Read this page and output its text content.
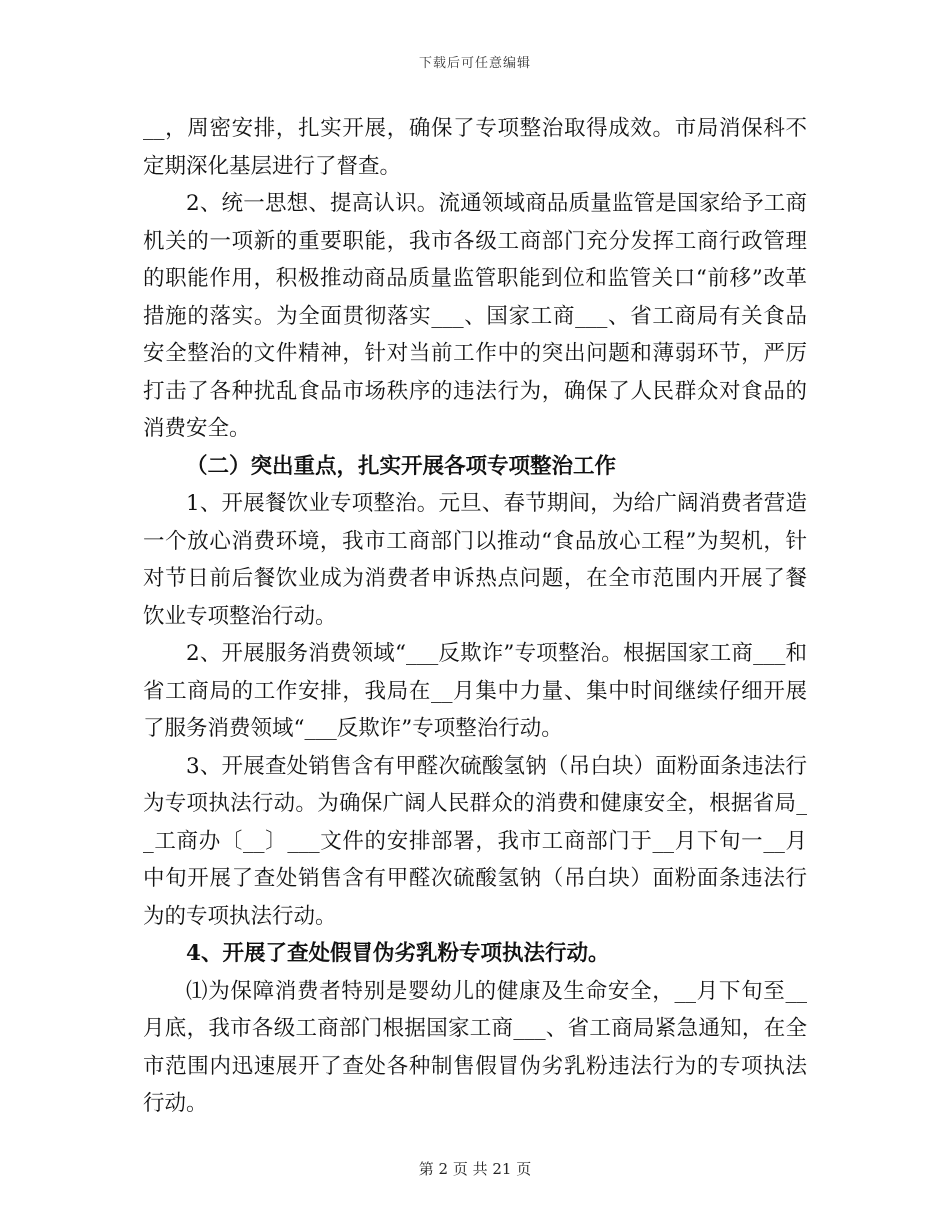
下载后可任意编辑

__，周密安排，扎实开展，确保了专项整治取得成效。市局消保科不定期深化基层进行了督查。

2、统一思想、提高认识。流通领域商品质量监管是国家给予工商机关的一项新的重要职能，我市各级工商部门充分发挥工商行政管理的职能作用，积极推动商品质量监管职能到位和监管关口“前移”改革措施的落实。为全面贯彻落实___、国家工商___、省工商局有关食品安全整治的文件精神，针对当前工作中的突出问题和薄弱环节，严厉打击了各种扰乱食品市场秩序的违法行为，确保了人民群众对食品的消费安全。

（二）突出重点，扎实开展各项专项整治工作

1、开展餐饮业专项整治。元旦、春节期间，为给广阔消费者营造一个放心消费环境，我市工商部门以推动“食品放心工程”为契机，针对节日前后餐饮业成为消费者申诉热点问题，在全市范围内开展了餐饮业专项整治行动。

2、开展服务消费领域“___反欺诈”专项整治。根据国家工商___和省工商局的工作安排，我局在__月集中力量、集中时间继续仔细开展了服务消费领域“___反欺诈”专项整治行动。

3、开展查处销售含有甲醛次硫酸氢钠（吊白块）面粉面条违法行为专项执法行动。为确保广阔人民群众的消费和健康安全，根据省局__工商办〔__〕___文件的安排部署，我市工商部门于__月下旬一__月中旬开展了查处销售含有甲醛次硫酸氢钠（吊白块）面粉面条违法行为的专项执法行动。

4、开展了查处假冒伪劣乳粉专项执法行动。

⑴为保障消费者特别是婴幼儿的健康及生命安全，__月下旬至__月底，我市各级工商部门根据国家工商___、省工商局紧急通知，在全市范围内迅速展开了查处各种制售假冒伪劣乳粉违法行为的专项执法行动。

第 2 页 共 21 页
